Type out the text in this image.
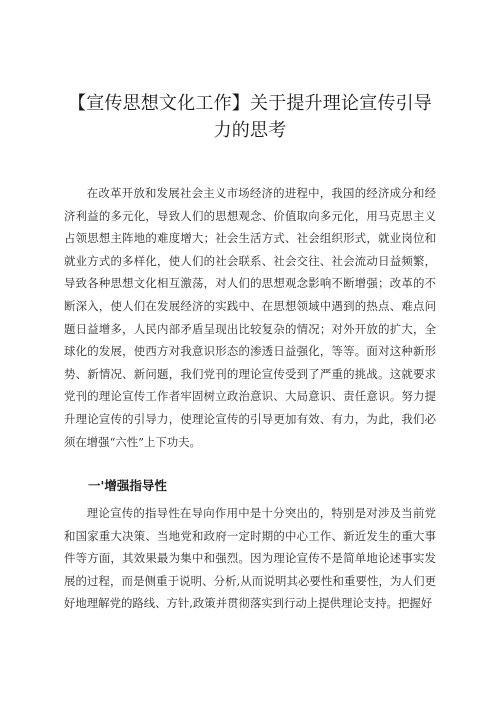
【宣传思想文化工作】关于提升理论宣传引导力的思考

在改革开放和发展社会主义市场经济的进程中，我国的经济成分和经济利益的多元化，导致人们的思想观念、价值取向多元化，用马克思主义占领思想主阵地的难度增大；社会生活方式、社会组织形式，就业岗位和就业方式的多样化，使人们的社会联系、社会交往、社会流动日益频繁，导致各种思想文化相互激荡，对人们的思想观念影响不断增强；改革的不断深入，使人们在发展经济的实践中、在思想领域中遇到的热点、难点问题日益增多，人民内部矛盾呈现出比较复杂的情况；对外开放的扩大，全球化的发展，使西方对我意识形态的渗透日益强化，等等。面对这种新形势、新情况、新问题，我们党刊的理论宣传受到了严重的挑战。这就要求党刊的理论宣传工作者牢固树立政治意识、大局意识、责任意识。努力提升理论宣传的引导力，使理论宣传的引导更加有效、有力，为此，我们必须在增强“六性”上下功夫。

一'增强指导性

理论宣传的指导性在导向作用中是十分突出的，特别是对涉及当前党和国家重大决策、当地党和政府一定时期的中心工作、新近发生的重大事件等方面，其效果最为集中和强烈。因为理论宣传不是简单地论述事实发展的过程，而是侧重于说明、分析,从而说明其必要性和重要性，为人们更好地理解党的路线、方针,政策并贯彻落实到行动上提供理论支持。把握好
